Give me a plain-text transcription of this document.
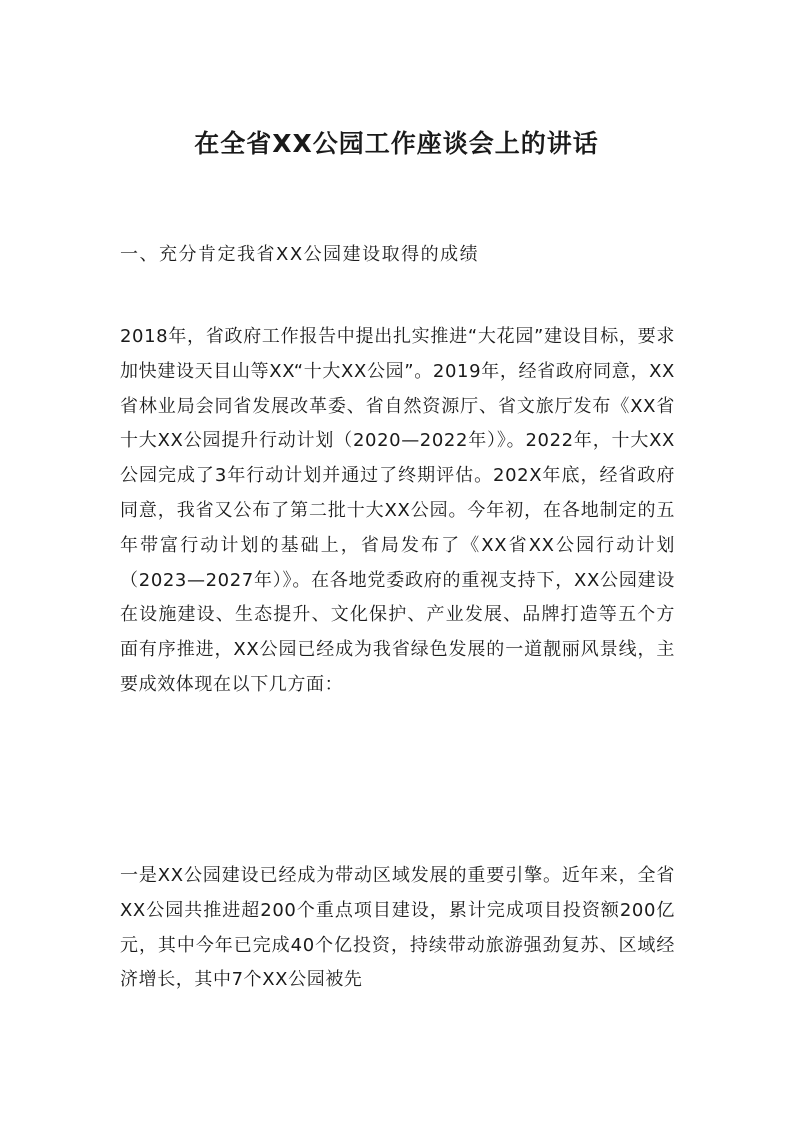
在全省XX公园工作座谈会上的讲话
一、充分肯定我省XX公园建设取得的成绩

2018年，省政府工作报告中提出扎实推进“大花园”建设目标，要求加快建设天目山等XX“十大XX公园”。2019年，经省政府同意，XX省林业局会同省发展改革委、省自然资源厅、省文旅厅发布《XX省十大XX公园提升行动计划（2020—2022年）》。2022年，十大XX公园完成了3年行动计划并通过了终期评估。202X年底，经省政府同意，我省又公布了第二批十大XX公园。今年初，在各地制定的五年带富行动计划的基础上，省局发布了《XX省XX公园行动计划（2023—2027年）》。在各地党委政府的重视支持下，XX公园建设在设施建设、生态提升、文化保护、产业发展、品牌打造等五个方面有序推进，XX公园已经成为我省绿色发展的一道靓丽风景线，主要成效体现在以下几方面：

一是XX公园建设已经成为带动区域发展的重要引擎。近年来，全省XX公园共推进超200个重点项目建设，累计完成项目投资额200亿元，其中今年已完成40个亿投资，持续带动旅游强劲复苏、区域经济增长，其中7个XX公园被先
